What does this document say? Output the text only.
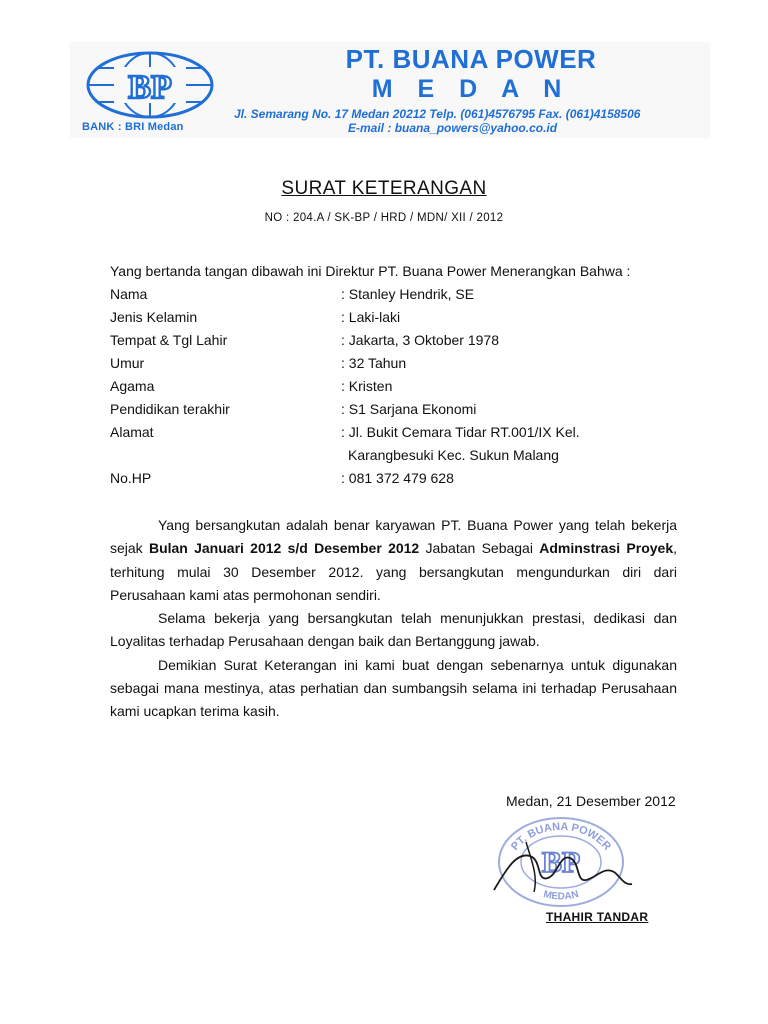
BP
BANK : BRI Medan
PT. BUANA POWER
M E D A N
Jl. Semarang No. 17 Medan 20212 Telp. (061)4576795 Fax. (061)4158506
E-mail : buana_powers@yahoo.co.id
SURAT KETERANGAN
NO : 204.A / SK-BP / HRD / MDN/ XII / 2012
Yang bertanda tangan dibawah ini Direktur PT. Buana Power Menerangkan Bahwa :
Nama	: Stanley Hendrik, SE
Jenis Kelamin	: Laki-laki
Tempat & Tgl Lahir	: Jakarta, 3 Oktober 1978
Umur	: 32 Tahun
Agama	: Kristen
Pendidikan terakhir	: S1 Sarjana Ekonomi
Alamat	: Jl. Bukit Cemara Tidar RT.001/IX Kel.
Karangbesuki Kec. Sukun Malang
No.HP	: 081 372 479 628

Yang bersangkutan adalah benar karyawan PT. Buana Power yang telah bekerja sejak Bulan Januari 2012 s/d Desember 2012 Jabatan Sebagai Adminstrasi Proyek, terhitung mulai 30 Desember 2012. yang bersangkutan mengundurkan diri dari Perusahaan kami atas permohonan sendiri.

Selama bekerja yang bersangkutan telah menunjukkan prestasi, dedikasi dan Loyalitas terhadap Perusahaan dengan baik dan Bertanggung jawab.

Demikian Surat Keterangan ini kami buat dengan sebenarnya untuk digunakan sebagai mana mestinya, atas perhatian dan sumbangsih selama ini terhadap Perusahaan kami ucapkan terima kasih.

Medan, 21 Desember 2012
PT. BUANA POWER
MEDAN
BP
THAHIR TANDAR
